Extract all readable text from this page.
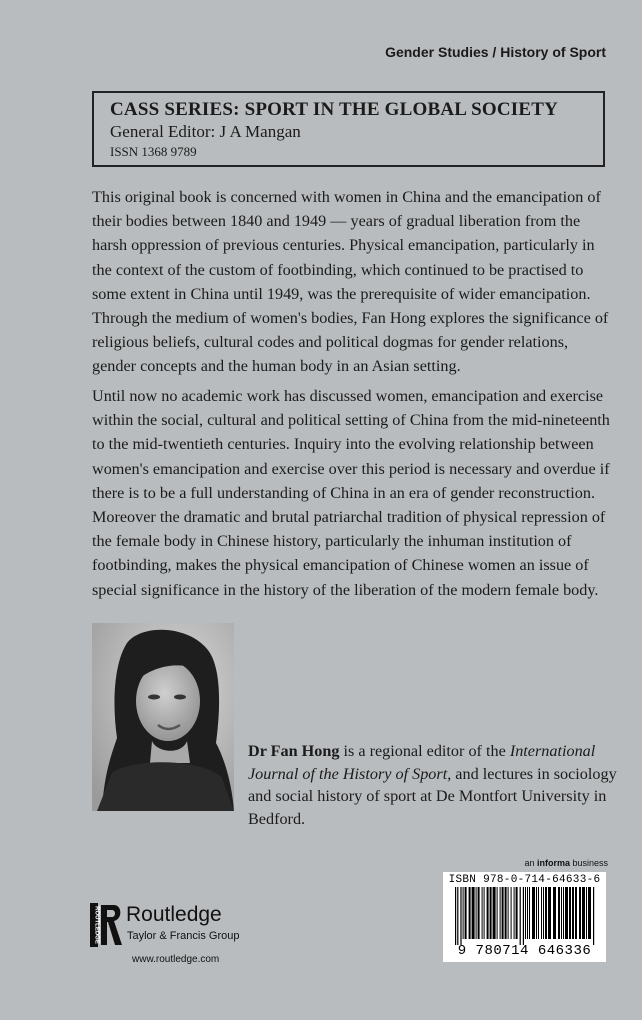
Gender Studies / History of Sport
CASS SERIES: SPORT IN THE GLOBAL SOCIETY
General Editor: J A Mangan
ISSN 1368 9789

This original book is concerned with women in China and the emancipation of their bodies between 1840 and 1949 — years of gradual liberation from the harsh oppression of previous centuries. Physical emancipation, particularly in the context of the custom of footbinding, which continued to be practised to some extent in China until 1949, was the prerequisite of wider emancipation. Through the medium of women's bodies, Fan Hong explores the significance of religious beliefs, cultural codes and political dogmas for gender relations, gender concepts and the human body in an Asian setting.

Until now no academic work has discussed women, emancipation and exercise within the social, cultural and political setting of China from the mid-nineteenth to the mid-twentieth centuries. Inquiry into the evolving relationship between women's emancipation and exercise over this period is necessary and overdue if there is to be a full understanding of China in an era of gender reconstruction. Moreover the dramatic and brutal patriarchal tradition of physical repression of the female body in Chinese history, particularly the inhuman institution of footbinding, makes the physical emancipation of Chinese women an issue of special significance in the history of the liberation of the modern female body.

Dr Fan Hong is a regional editor of the International Journal of the History of Sport, and lectures in sociology and social history of sport at De Montfort University in Bedford.

an informa business
ISBN 978-0-714-64633-6
9 780714 646336
ROUTLEDGE Routledge
Taylor & Francis Group
www.routledge.com
